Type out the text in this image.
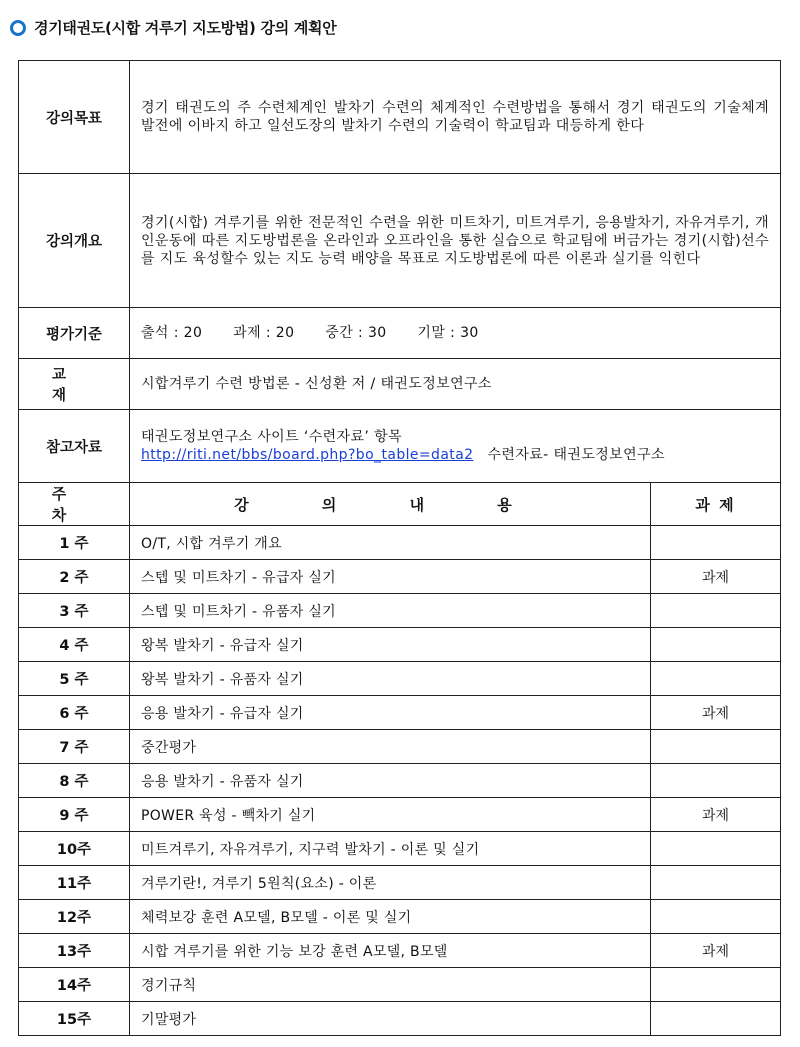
경기태권도(시합 겨루기 지도방법) 강의 계획안
강의목표	경기 태권도의 주 수련체계인 발차기 수련의 체계적인 수련방법을 통해서 경기 태권도의 기술체계 발전에 이바지 하고 일선도장의 발차기 수련의 기술력이 학교팀과 대등하게 한다	

강의개요	경기(시합) 겨루기를 위한 전문적인 수련을 위한 미트차기, 미트겨루기, 응용발차기, 자유겨루기, 개인운동에 따른 지도방법론을 온라인과 오프라인을 통한 실습으로 학교팀에 버금가는 경기(시합)선수를 지도 육성할수 있는 지도 능력 배양을 목표로 지도방법론에 따른 이론과 실기를 익힌다	

평가기준	출석 : 20 과제 : 20 중간 : 30 기말 : 30	
교 재	시합겨루기 수련 방법론 - 신성환 저 / 태권도정보연구소	
참고자료	태권도정보연구소 사이트 ‘수련자료’ 항목

http://riti.net/bbs/board.php?bo_table=data2 수련자료- 태권도정보연구소	

주 차	강 의 내 용	과 제
1 주	O/T, 시합 겨루기 개요	
2 주	스텝 및 미트차기 - 유급자 실기	과제
3 주	스텝 및 미트차기 - 유품자 실기	
4 주	왕복 발차기 - 유급자 실기	
5 주	왕복 발차기 - 유품자 실기	
6 주	응용 발차기 - 유급자 실기	과제
7 주	중간평가	
8 주	응용 발차기 - 유품자 실기	
9 주	POWER 육성 - 빽차기 실기	과제
10주	미트겨루기, 자유겨루기, 지구력 발차기 - 이론 및 실기	
11주	겨루기란!, 겨루기 5원칙(요소) - 이론	
12주	체력보강 훈련 A모델, B모델 - 이론 및 실기	
13주	시합 겨루기를 위한 기능 보강 훈련 A모델, B모델	과제
14주	경기규칙	
15주	기말평가	
